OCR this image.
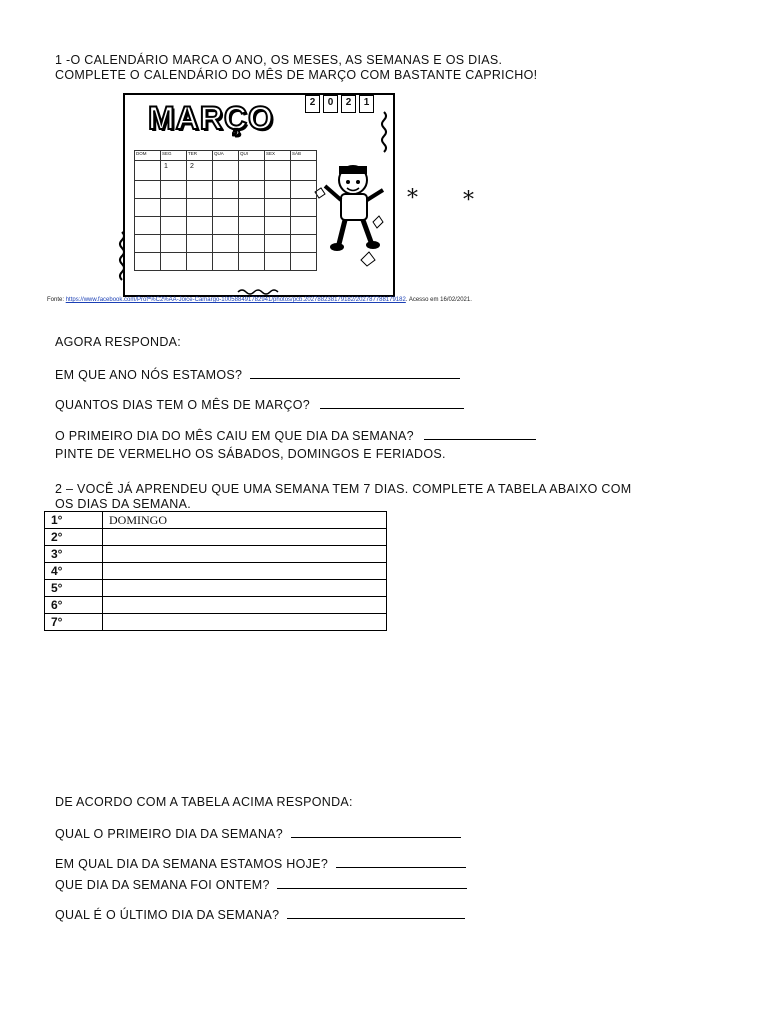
1 -O CALENDÁRIO MARCA O ANO, OS MESES, AS SEMANAS E OS DIAS.
COMPLETE O CALENDÁRIO DO MÊS DE MARÇO COM BASTANTE CAPRICHO!
MARÇO	2	0	2	1
DOM	SEG	TER	QUA	QUI	SEX	SÁB
	1	2				

* *
Fonte: https://www.facebook.com/Profª%C2%AA-Joice-Camargo-100588491782941/photos/pcb.202788238179182/202787788179182. Acesso em 16/02/2021.
AGORA RESPONDA:
EM QUE ANO NÓS ESTAMOS?
QUANTOS DIAS TEM O MÊS DE MARÇO?
O PRIMEIRO DIA DO MÊS CAIU EM QUE DIA DA SEMANA?
PINTE DE VERMELHO OS SÁBADOS, DOMINGOS E FERIADOS.
2 – VOCÊ JÁ APRENDEU QUE UMA SEMANA TEM 7 DIAS. COMPLETE A TABELA ABAIXO COM
OS DIAS DA SEMANA.
1°	DOMINGO
2°	
3°	
4°	
5°	
6°	
7°	
DE ACORDO COM A TABELA ACIMA RESPONDA:
QUAL O PRIMEIRO DIA DA SEMANA?
EM QUAL DIA DA SEMANA ESTAMOS HOJE?
QUE DIA DA SEMANA FOI ONTEM?
QUAL É O ÚLTIMO DIA DA SEMANA?
